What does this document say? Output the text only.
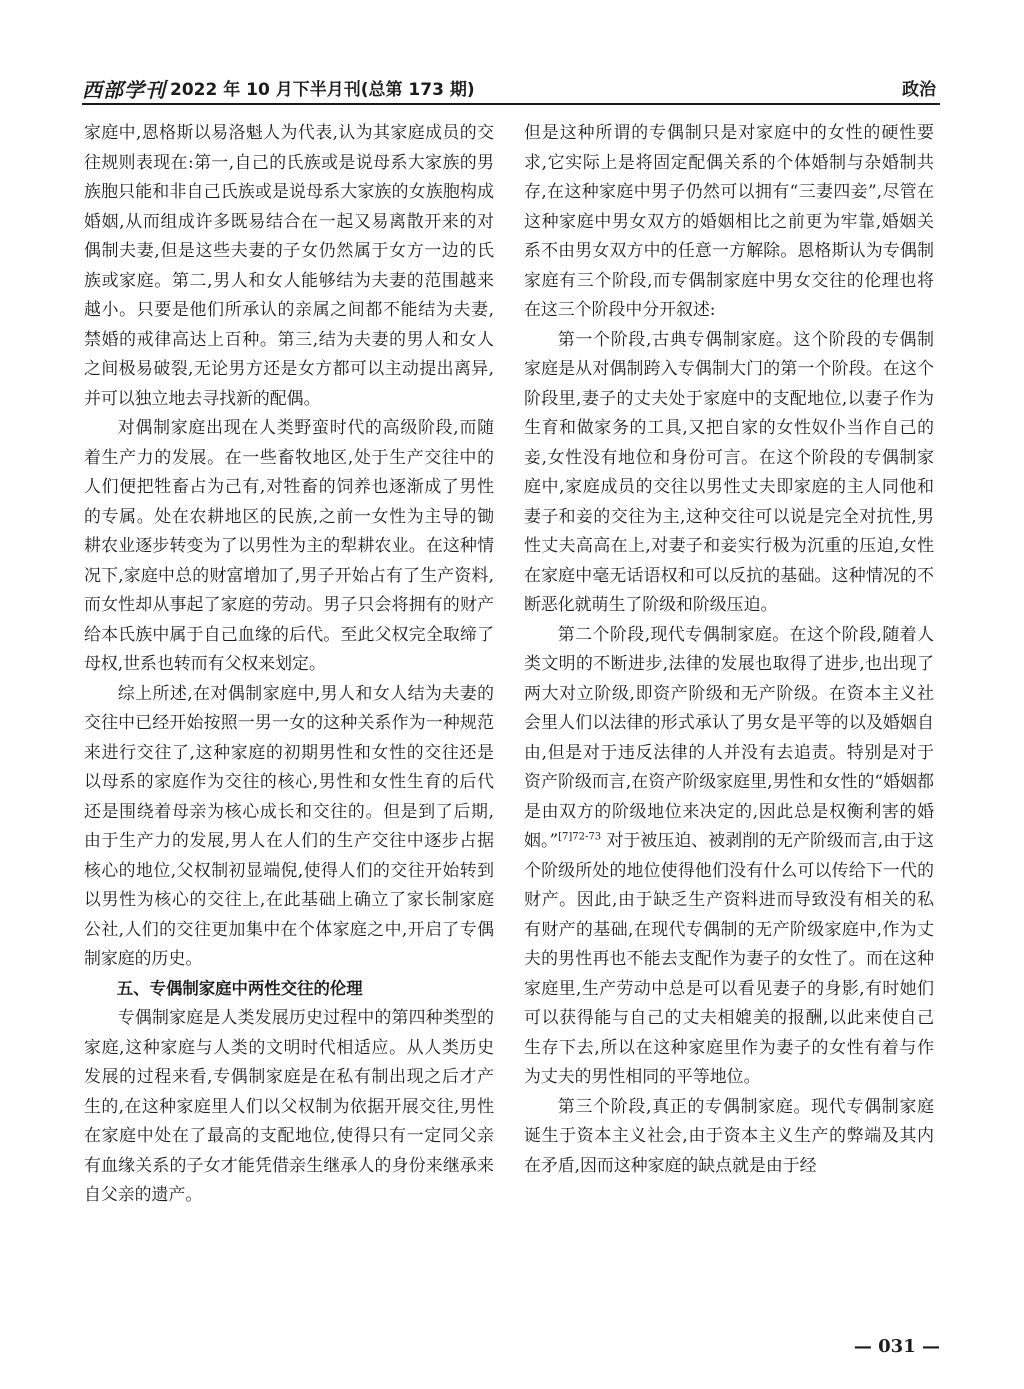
西部学刊 2022 年 10 月下半月刊(总第 173 期)	政治

家庭中,恩格斯以易洛魁人为代表,认为其家庭成员的交往规则表现在:第一,自己的氏族或是说母系大家族的男族胞只能和非自己氏族或是说母系大家族的女族胞构成婚姻,从而组成许多既易结合在一起又易离散开来的对偶制夫妻,但是这些夫妻的子女仍然属于女方一边的氏族或家庭。第二,男人和女人能够结为夫妻的范围越来越小。只要是他们所承认的亲属之间都不能结为夫妻,禁婚的戒律高达上百种。第三,结为夫妻的男人和女人之间极易破裂,无论男方还是女方都可以主动提出离异,并可以独立地去寻找新的配偶。

对偶制家庭出现在人类野蛮时代的高级阶段,而随着生产力的发展。在一些畜牧地区,处于生产交往中的人们便把牲畜占为己有,对牲畜的饲养也逐渐成了男性的专属。处在农耕地区的民族,之前一女性为主导的锄耕农业逐步转变为了以男性为主的犁耕农业。在这种情况下,家庭中总的财富增加了,男子开始占有了生产资料,而女性却从事起了家庭的劳动。男子只会将拥有的财产给本氏族中属于自己血缘的后代。至此父权完全取缔了母权,世系也转而有父权来划定。

综上所述,在对偶制家庭中,男人和女人结为夫妻的交往中已经开始按照一男一女的这种关系作为一种规范来进行交往了,这种家庭的初期男性和女性的交往还是以母系的家庭作为交往的核心,男性和女性生育的后代还是围绕着母亲为核心成长和交往的。但是到了后期,由于生产力的发展,男人在人们的生产交往中逐步占据核心的地位,父权制初显端倪,使得人们的交往开始转到以男性为核心的交往上,在此基础上确立了家长制家庭公社,人们的交往更加集中在个体家庭之中,开启了专偶制家庭的历史。

五、专偶制家庭中两性交往的伦理

专偶制家庭是人类发展历史过程中的第四种类型的家庭,这种家庭与人类的文明时代相适应。从人类历史发展的过程来看,专偶制家庭是在私有制出现之后才产生的,在这种家庭里人们以父权制为依据开展交往,男性在家庭中处在了最高的支配地位,使得只有一定同父亲有血缘关系的子女才能凭借亲生继承人的身份来继承来自父亲的遗产。

但是这种所谓的专偶制只是对家庭中的女性的硬性要求,它实际上是将固定配偶关系的个体婚制与杂婚制共存,在这种家庭中男子仍然可以拥有“三妻四妾”,尽管在这种家庭中男女双方的婚姻相比之前更为牢靠,婚姻关系不由男女双方中的任意一方解除。恩格斯认为专偶制家庭有三个阶段,而专偶制家庭中男女交往的伦理也将在这三个阶段中分开叙述:

第一个阶段,古典专偶制家庭。这个阶段的专偶制家庭是从对偶制跨入专偶制大门的第一个阶段。在这个阶段里,妻子的丈夫处于家庭中的支配地位,以妻子作为生育和做家务的工具,又把自家的女性奴仆当作自己的妾,女性没有地位和身份可言。在这个阶段的专偶制家庭中,家庭成员的交往以男性丈夫即家庭的主人同他和妻子和妾的交往为主,这种交往可以说是完全对抗性,男性丈夫高高在上,对妻子和妾实行极为沉重的压迫,女性在家庭中毫无话语权和可以反抗的基础。这种情况的不断恶化就萌生了阶级和阶级压迫。

第二个阶段,现代专偶制家庭。在这个阶段,随着人类文明的不断进步,法律的发展也取得了进步,也出现了两大对立阶级,即资产阶级和无产阶级。在资本主义社会里人们以法律的形式承认了男女是平等的以及婚姻自由,但是对于违反法律的人并没有去追责。特别是对于资产阶级而言,在资产阶级家庭里,男性和女性的“婚姻都是由双方的阶级地位来决定的,因此总是权衡利害的婚姻。”$^{[7]72-73}$ 对于被压迫、被剥削的无产阶级而言,由于这个阶级所处的地位使得他们没有什么可以传给下一代的财产。因此,由于缺乏生产资料进而导致没有相关的私有财产的基础,在现代专偶制的无产阶级家庭中,作为丈夫的男性再也不能去支配作为妻子的女性了。而在这种家庭里,生产劳动中总是可以看见妻子的身影,有时她们可以获得能与自己的丈夫相媲美的报酬,以此来使自己生存下去,所以在这种家庭里作为妻子的女性有着与作为丈夫的男性相同的平等地位。

第三个阶段,真正的专偶制家庭。现代专偶制家庭诞生于资本主义社会,由于资本主义生产的弊端及其内在矛盾,因而这种家庭的缺点就是由于经

— 031 —
